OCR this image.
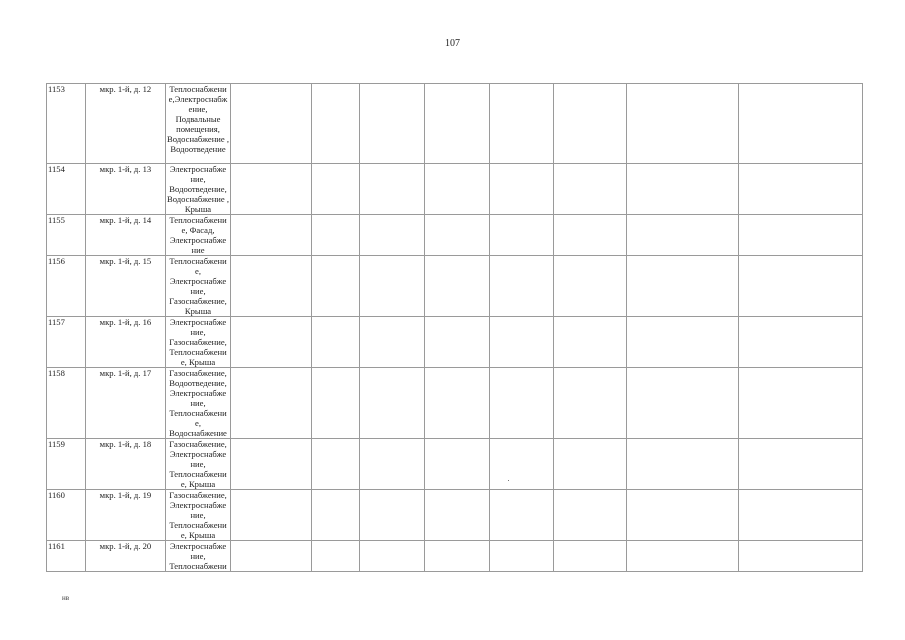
107
1153	мкр. 1-й, д. 12	Теплоснабжени е,Электроснабж ение, Подвальные помещения, Водоснабжение , Водоотведение								
1154	мкр. 1-й, д. 13	Электроснабже ние, Водоотведение, Водоснабжение , Крыша								
1155	мкр. 1-й, д. 14	Теплоснабжени е, Фасад, Электроснабже ние								
1156	мкр. 1-й, д. 15	Теплоснабжени е, Электроснабже ние, Газоснабжение, Крыша								
1157	мкр. 1-й, д. 16	Электроснабже ние, Газоснабжение, Теплоснабжени е, Крыша								
1158	мкр. 1-й, д. 17	Газоснабжение, Водоотведение, Электроснабже ние, Теплоснабжени е, Водоснабжение								
1159	мкр. 1-й, д. 18	Газоснабжение, Электроснабже ние, Теплоснабжени е, Крыша								
1160	мкр. 1-й, д. 19	Газоснабжение, Электроснабже ние, Теплоснабжени е, Крыша								
1161	мкр. 1-й, д. 20	Электроснабже ние, Теплоснабжени								
нв
